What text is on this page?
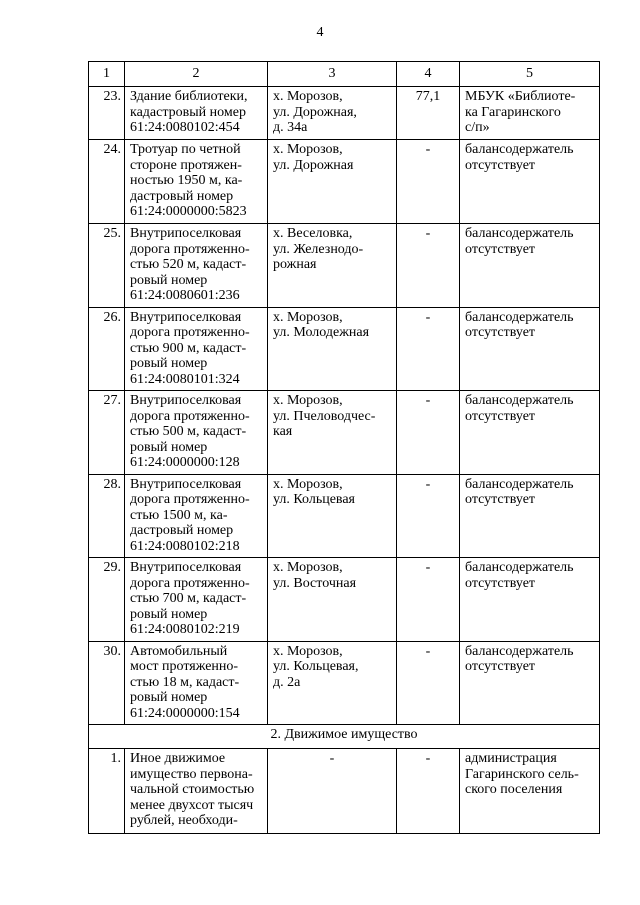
4
1	2	3	4	5
23.	Здание библиотеки,
кадастровый номер
61:24:0080102:454	х. Морозов,
ул. Дорожная,
д. 34а	77,1	МБУК «Библиоте-
ка Гагаринского
с/п»
24.	Тротуар по четной
стороне протяжен-
ностью 1950 м, ка-
дастровый номер
61:24:0000000:5823	х. Морозов,
ул. Дорожная	-	балансодержатель
отсутствует
25.	Внутрипоселковая
дорога протяженно-
стью 520 м, кадаст-
ровый номер
61:24:0080601:236	х. Веселовка,
ул. Железнодо-
рожная	-	балансодержатель
отсутствует
26.	Внутрипоселковая
дорога протяженно-
стью 900 м, кадаст-
ровый номер
61:24:0080101:324	х. Морозов,
ул. Молодежная	-	балансодержатель
отсутствует
27.	Внутрипоселковая
дорога протяженно-
стью 500 м, кадаст-
ровый номер
61:24:0000000:128	х. Морозов,
ул. Пчеловодчес-
кая	-	балансодержатель
отсутствует
28.	Внутрипоселковая
дорога протяженно-
стью 1500 м, ка-
дастровый номер
61:24:0080102:218	х. Морозов,
ул. Кольцевая	-	балансодержатель
отсутствует
29.	Внутрипоселковая
дорога протяженно-
стью 700 м, кадаст-
ровый номер
61:24:0080102:219	х. Морозов,
ул. Восточная	-	балансодержатель
отсутствует
30.	Автомобильный
мост протяженно-
стью 18 м, кадаст-
ровый номер
61:24:0000000:154	х. Морозов,
ул. Кольцевая,
д. 2а	-	балансодержатель
отсутствует
2. Движимое имущество				
1.	Иное движимое
имущество первона-
чальной стоимостью
менее двухсот тысяч
рублей, необходи-	-	-	администрация
Гагаринского сель-
ского поселения
